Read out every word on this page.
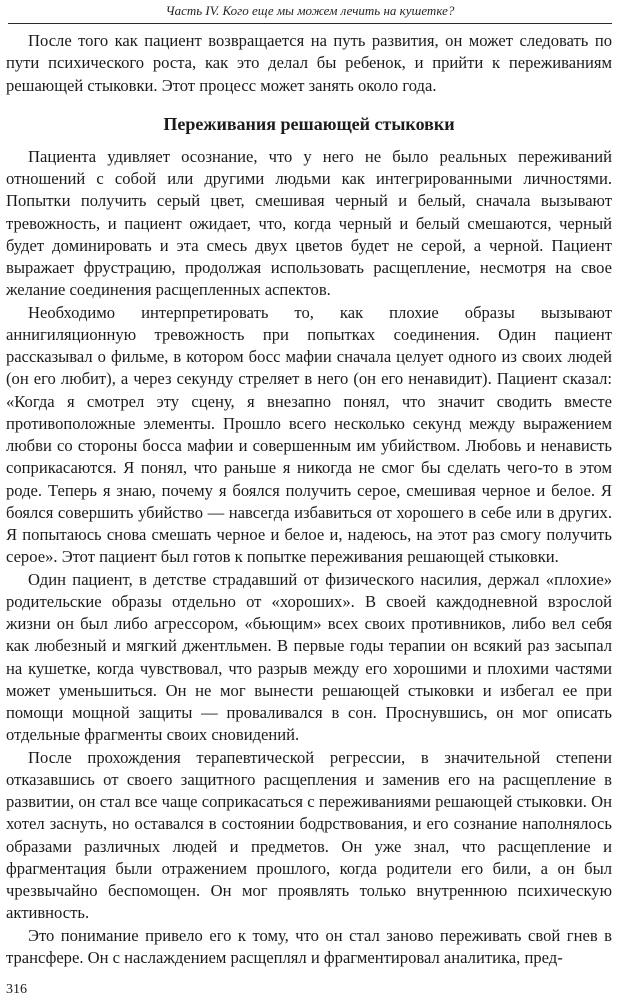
Часть IV. Кого еще мы можем лечить на кушетке?

После того как пациент возвращается на путь развития, он может следовать по пути психического роста, как это делал бы ребенок, и прийти к переживаниям решающей стыковки. Этот процесс может занять около года.

Переживания решающей стыковки

Пациента удивляет осознание, что у него не было реальных переживаний отношений с собой или другими людьми как интегрированными личностями. Попытки получить серый цвет, смешивая черный и белый, сначала вызывают тревожность, и пациент ожидает, что, когда черный и белый смешаются, черный будет доминировать и эта смесь двух цветов будет не серой, а черной. Пациент выражает фрустрацию, продолжая использовать расщепление, несмотря на свое желание соединения расщепленных аспектов.

Необходимо интерпретировать то, как плохие образы вызывают аннигиляционную тревожность при попытках соединения. Один пациент рассказывал о фильме, в котором босс мафии сначала целует одного из своих людей (он его любит), а через секунду стреляет в него (он его ненавидит). Пациент сказал: «Когда я смотрел эту сцену, я внезапно понял, что значит сводить вместе противоположные элементы. Прошло всего несколько секунд между выражением любви со стороны босса мафии и совершенным им убийством. Любовь и ненависть соприкасаются. Я понял, что раньше я никогда не смог бы сделать чего-то в этом роде. Теперь я знаю, почему я боялся получить серое, смешивая черное и белое. Я боялся совершить убийство — навсегда избавиться от хорошего в себе или в других. Я попытаюсь снова смешать черное и белое и, надеюсь, на этот раз смогу получить серое». Этот пациент был готов к попытке переживания решающей стыковки.

Один пациент, в детстве страдавший от физического насилия, держал «плохие» родительские образы отдельно от «хороших». В своей каждодневной взрослой жизни он был либо агрессором, «бьющим» всех своих противников, либо вел себя как любезный и мягкий джентльмен. В первые годы терапии он всякий раз засыпал на кушетке, когда чувствовал, что разрыв между его хорошими и плохими частями может уменьшиться. Он не мог вынести решающей стыковки и избегал ее при помощи мощной защиты — проваливался в сон. Проснувшись, он мог описать отдельные фрагменты своих сновидений.

После прохождения терапевтической регрессии, в значительной степени отказавшись от своего защитного расщепления и заменив его на расщепление в развитии, он стал все чаще соприкасаться с переживаниями решающей стыковки. Он хотел заснуть, но оставался в состоянии бодрствования, и его сознание наполнялось образами различных людей и предметов. Он уже знал, что расщепление и фрагментация были отражением прошлого, когда родители его били, а он был чрезвычайно беспомощен. Он мог проявлять только внутреннюю психическую активность.

Это понимание привело его к тому, что он стал заново переживать свой гнев в трансфере. Он с наслаждением расщеплял и фрагментировал аналитика, пред-

316
